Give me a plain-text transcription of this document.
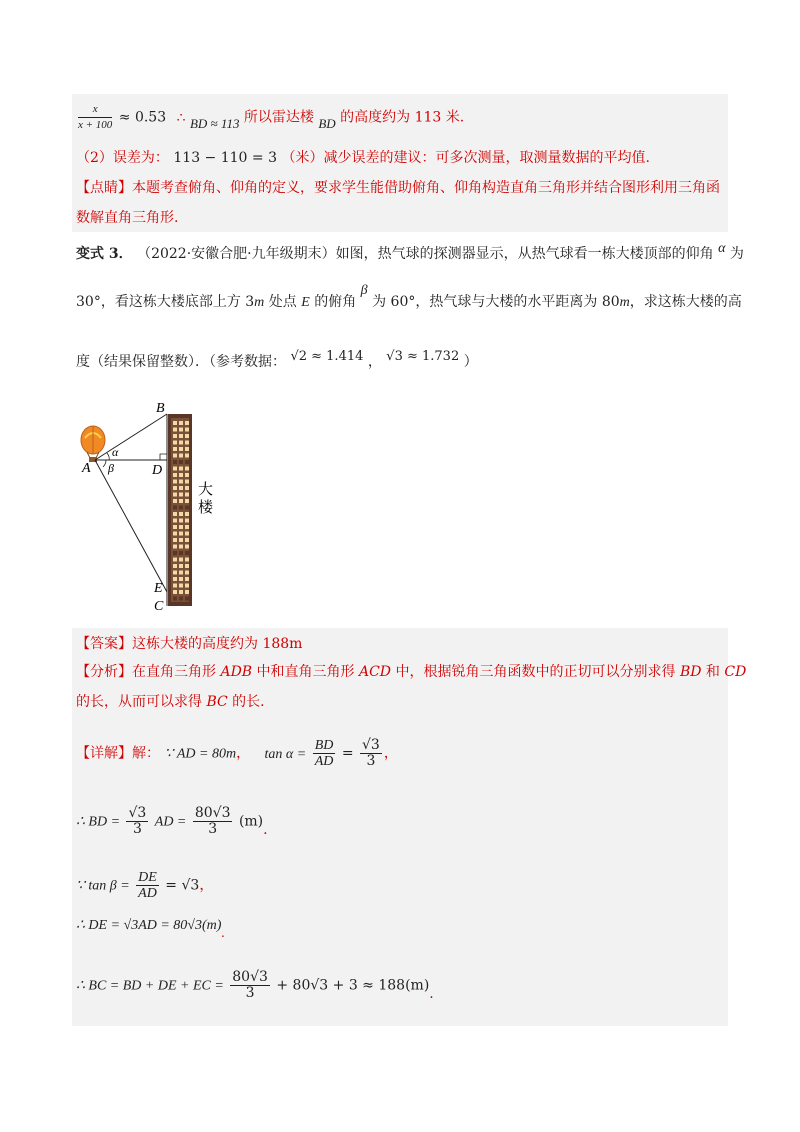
$\frac{x}{x + 100} \approx 0.53$ ∴ BD ≈ 113 所以雷达楼 BD 的高度约为 113 米.
（2）误差为： 113 − 110 = 3 （米）减少误差的建议：可多次测量，取测量数据的平均值.
【点睛】本题考查俯角、仰角的定义，要求学生能借助俯角、仰角构造直角三角形并结合图形利用三角函
数解直角三角形.
变式 3． （2022·安徽合肥·九年级期末）如图，热气球的探测器显示，从热气球看一栋大楼顶部的仰角 α 为
30°，看这栋大楼底部上方 3m 处点 E 的俯角 β 为 60°，热气球与大楼的水平距离为 80m，求这栋大楼的高
度（结果保留整数）．（参考数据： √2 ≈ 1.414 ， √3 ≈ 1.732 ）
B
A	D
E
C
α
β
大
楼
【答案】这栋大楼的高度约为 188m
【分析】在直角三角形 ADB 中和直角三角形 ACD 中，根据锐角三角函数中的正切可以分别求得 BD 和 CD
的长，从而可以求得 BC 的长.
【详解】解： ∵ AD = 80m， $\tan \alpha = \frac{BD}{AD} = \frac{√3}{3}$ ，
∴ BD = $\frac{√3}{3}$ AD = $\frac{80√3}{3} (m)$.
∵ $\tan \beta = \frac{DE}{AD} = √3$，
∴ DE = √3AD = 80√3(m).
∴ BC = BD + DE + EC = $\frac{80√3}{3} + 80√3 + 3 \approx 188(m)$.
